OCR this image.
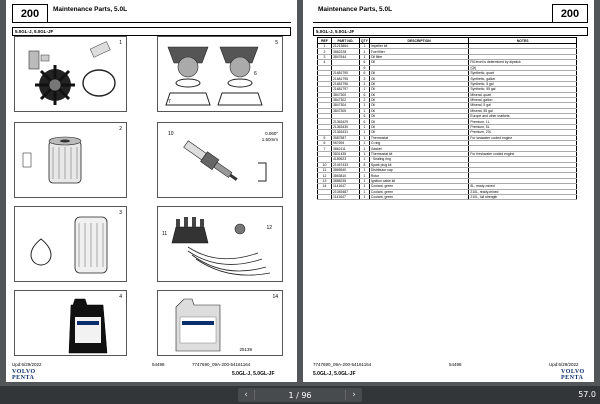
200	Maintenance Parts, 5.0L
5.0GL-J, 5.0GL-JF
1	5
6
7
2
10	0.060"
1.50mm
3
11
12
4	14
25139
Upd:6/29/2022	54498	7747690_09A-200-54161164
5.0GL-J, 5.0GL-JF
VOLVO
PENTA
Maintenance Parts, 5.0L	200
5.0GL-J, 5.0GL-JF
REF	PART NO.	QTY	DESCRIPTION	NOTES
1	21213664	1	Impeller kit	
2	3862228	1	Fuel filter	
3	3847644	1	Oil filter	
4		6	Oil	Fill level is determined by dipstick
		6		(Qt)
	21681790	6	Oil	Synthetic, quart
	21681795	2	Oil	Synthetic, gallon
	21681796	1	Oil	Synthetic, 5 gal
	21681797	1	Oil	Synthetic, 55 gal
	3847300	6	Oil	Mineral, quart
	3847302	2	Oil	Mineral, gallon
	3847304	1	Oil	Mineral, 5 gal
	3847305	1	Oil	Mineral, 55 gal
		6	Oil	Europe and other markets
	21363429	6	Oil	Premium, 1L
	21363430	1	Oil	Premium, 5L
	21363431	1	Oil	Premium, 20L
5	3587587	1	Thermostat	For seawater cooled engine
6	967694	1	O-ring	
7	3862111	1	Gasket	
	3831435	1	Thermostat kit	For freshwater cooled engine
	4189523	1	· Sealing ring	
10	21467433	8	Spark plug kit	
11	3865540	1	Distributor cap	
12	3863810	1	Rotor	
13	3888235	1	Ignition cable kit	
14	1141647	1	Coolant, green	5L, ready-mixed
	21045487	1	Coolant, green	210L, ready-mixed
	1141647	1	Coolant, green	210L, full strength
7747690_09A-200-54161164	54498	Upd:6/29/2022
5.0GL-J, 5.0GL-JF	VOLVO
PENTA
‹	1 / 96	›	57.0
